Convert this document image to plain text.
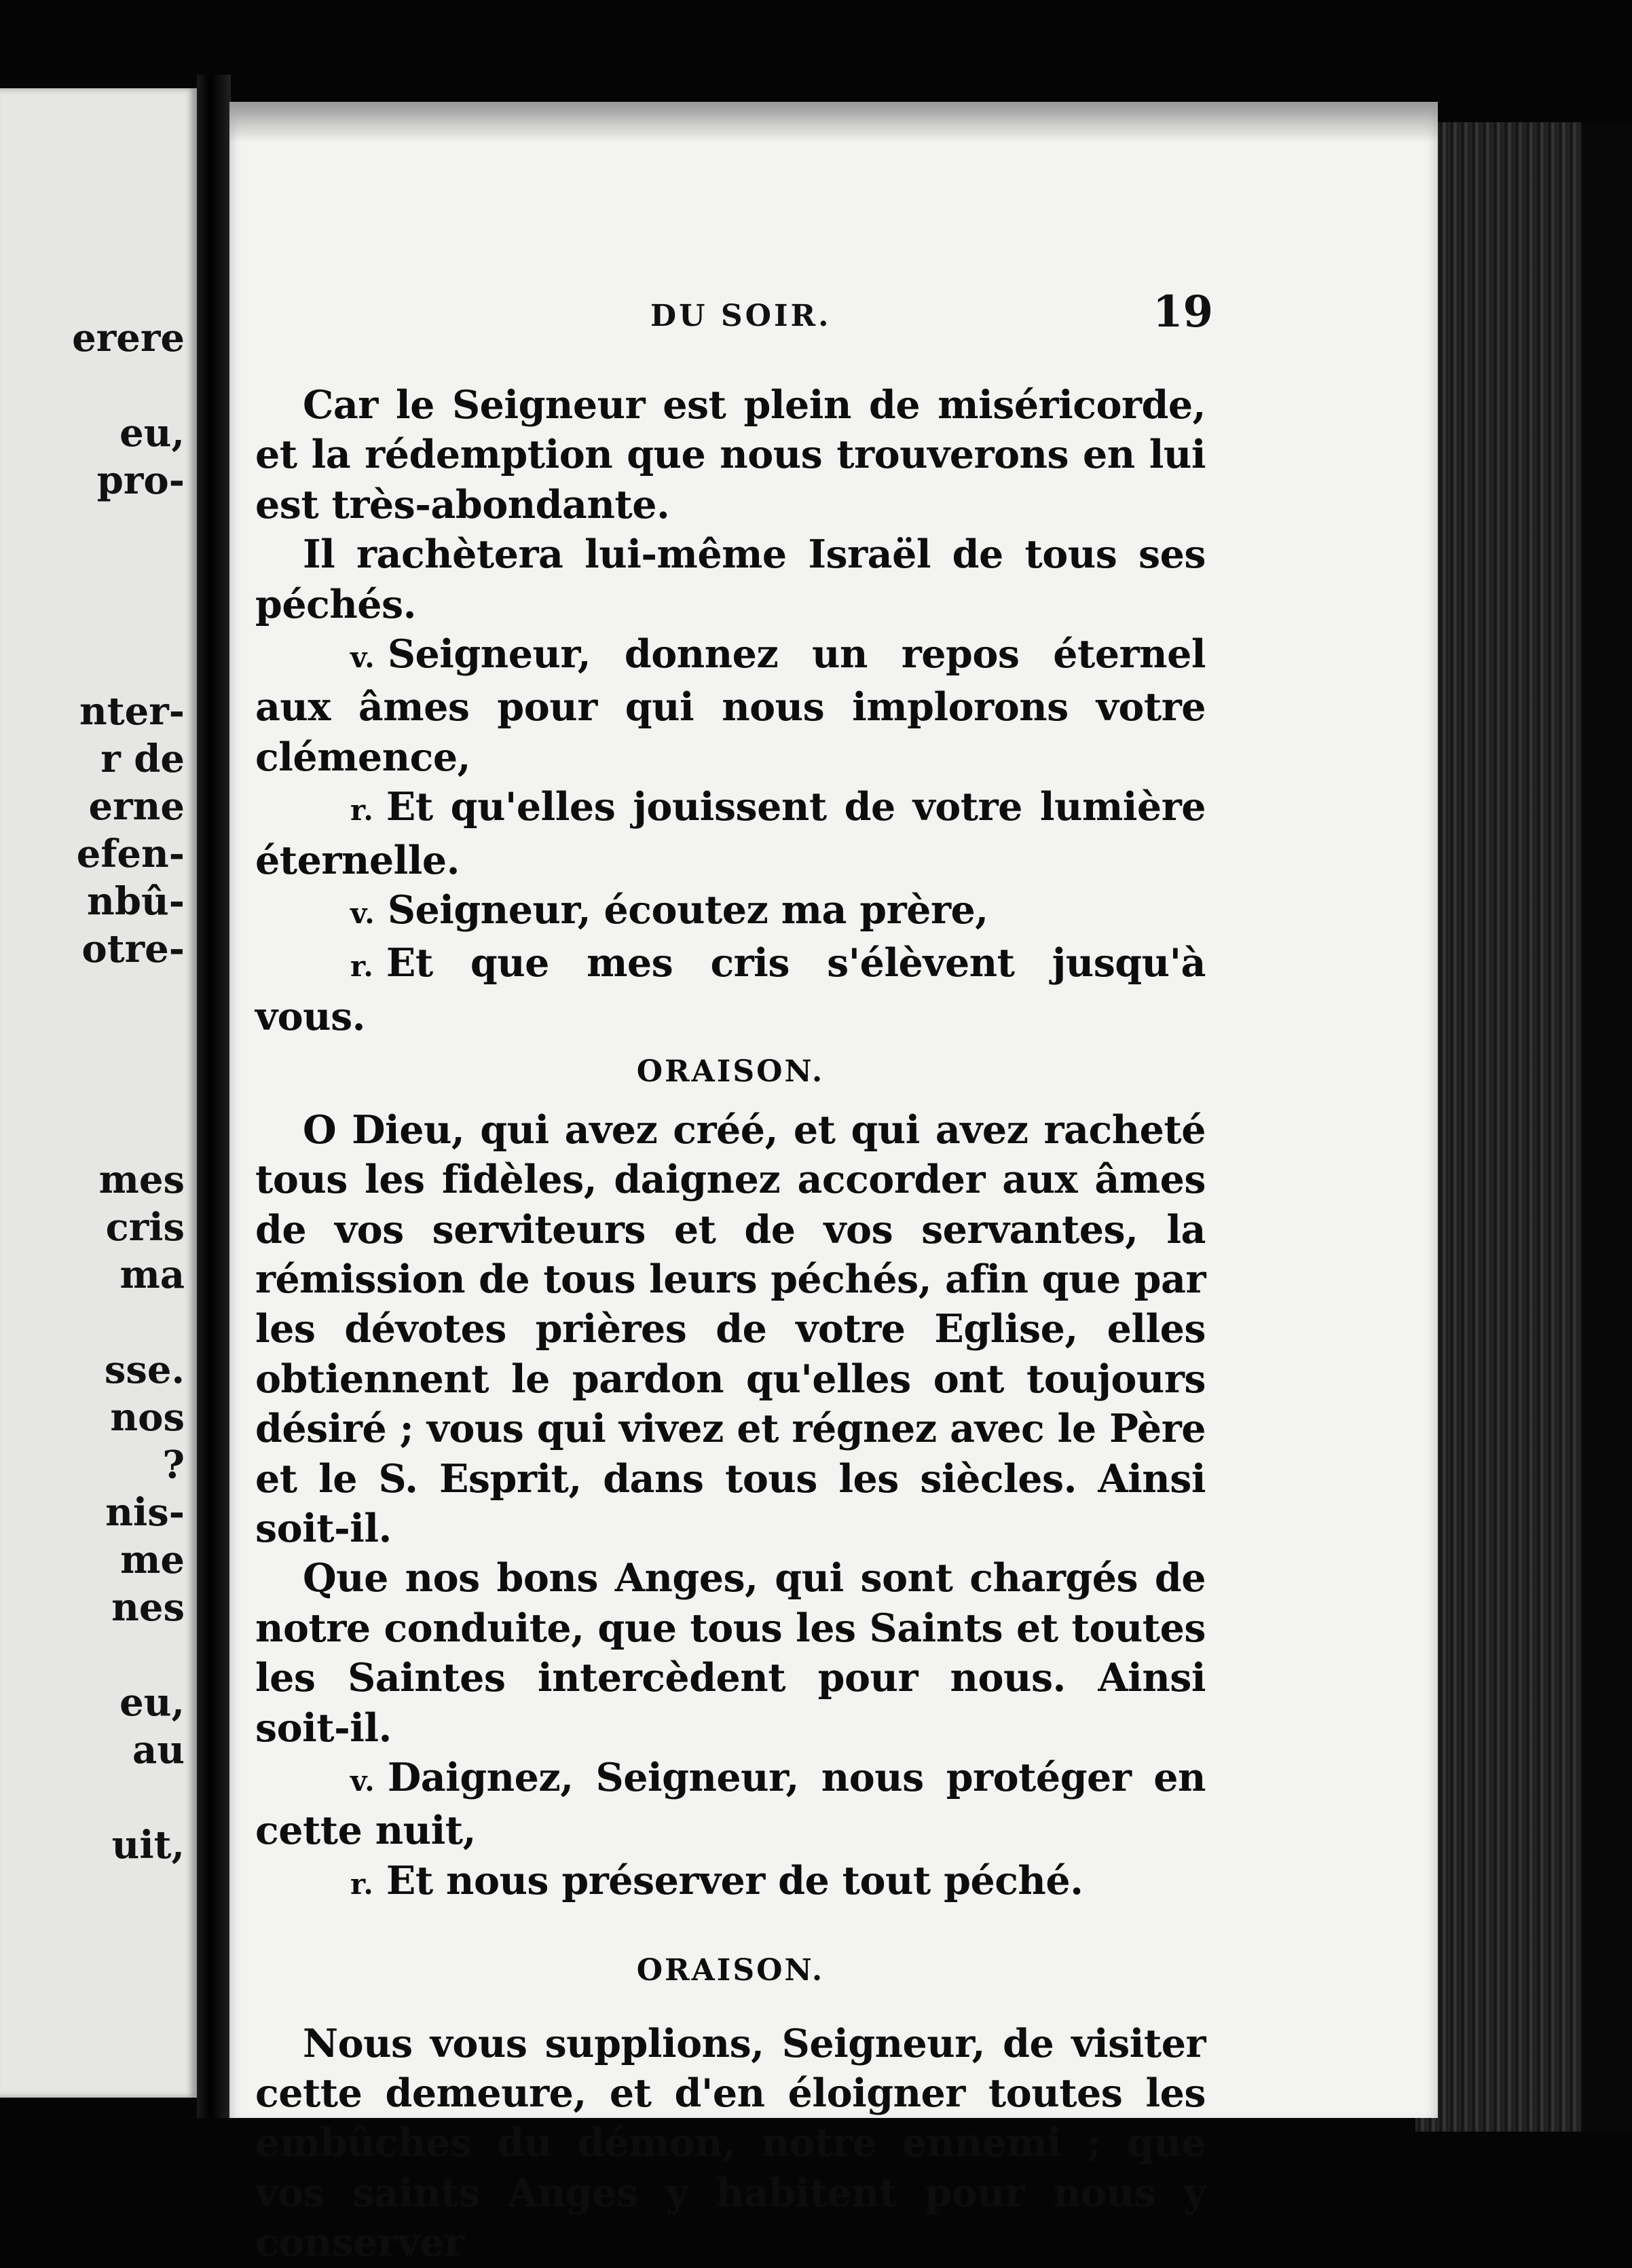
erere
eu,
pro-
nter-
r de
erne
efen-
nbû-
otre-
mes
cris
ma
sse.
nos
?
nis-
me
nes
eu,
au
uit,
DU SOIR.	19

Car le Seigneur est plein de miséricorde, et la rédemption que nous trouverons en lui est très-abondante.

Il rachètera lui-même Israël de tous ses péchés.

v. Seigneur, donnez un repos éternel aux âmes pour qui nous implorons votre clémence,

r. Et qu'elles jouissent de votre lumière éternelle.

v. Seigneur, écoutez ma prère,

r. Et que mes cris s'élèvent jusqu'à vous.

ORAISON.

O Dieu, qui avez créé, et qui avez racheté tous les fidèles, daignez accorder aux âmes de vos serviteurs et de vos servantes, la rémission de tous leurs péchés, afin que par les dévotes prières de votre Eglise, elles obtiennent le pardon qu'elles ont toujours désiré ; vous qui vivez et régnez avec le Père et le S. Esprit, dans tous les siècles. Ainsi soit-il.

Que nos bons Anges, qui sont chargés de notre conduite, que tous les Saints et toutes les Saintes intercèdent pour nous. Ainsi soit-il.

v. Daignez, Seigneur, nous protéger en cette nuit,

r. Et nous préserver de tout péché.

ORAISON.

Nous vous supplions, Seigneur, de visiter cette demeure, et d'en éloigner toutes les embûches du démon, notre ennemi ; que vos saints Anges y habitent pour nous y conserver
